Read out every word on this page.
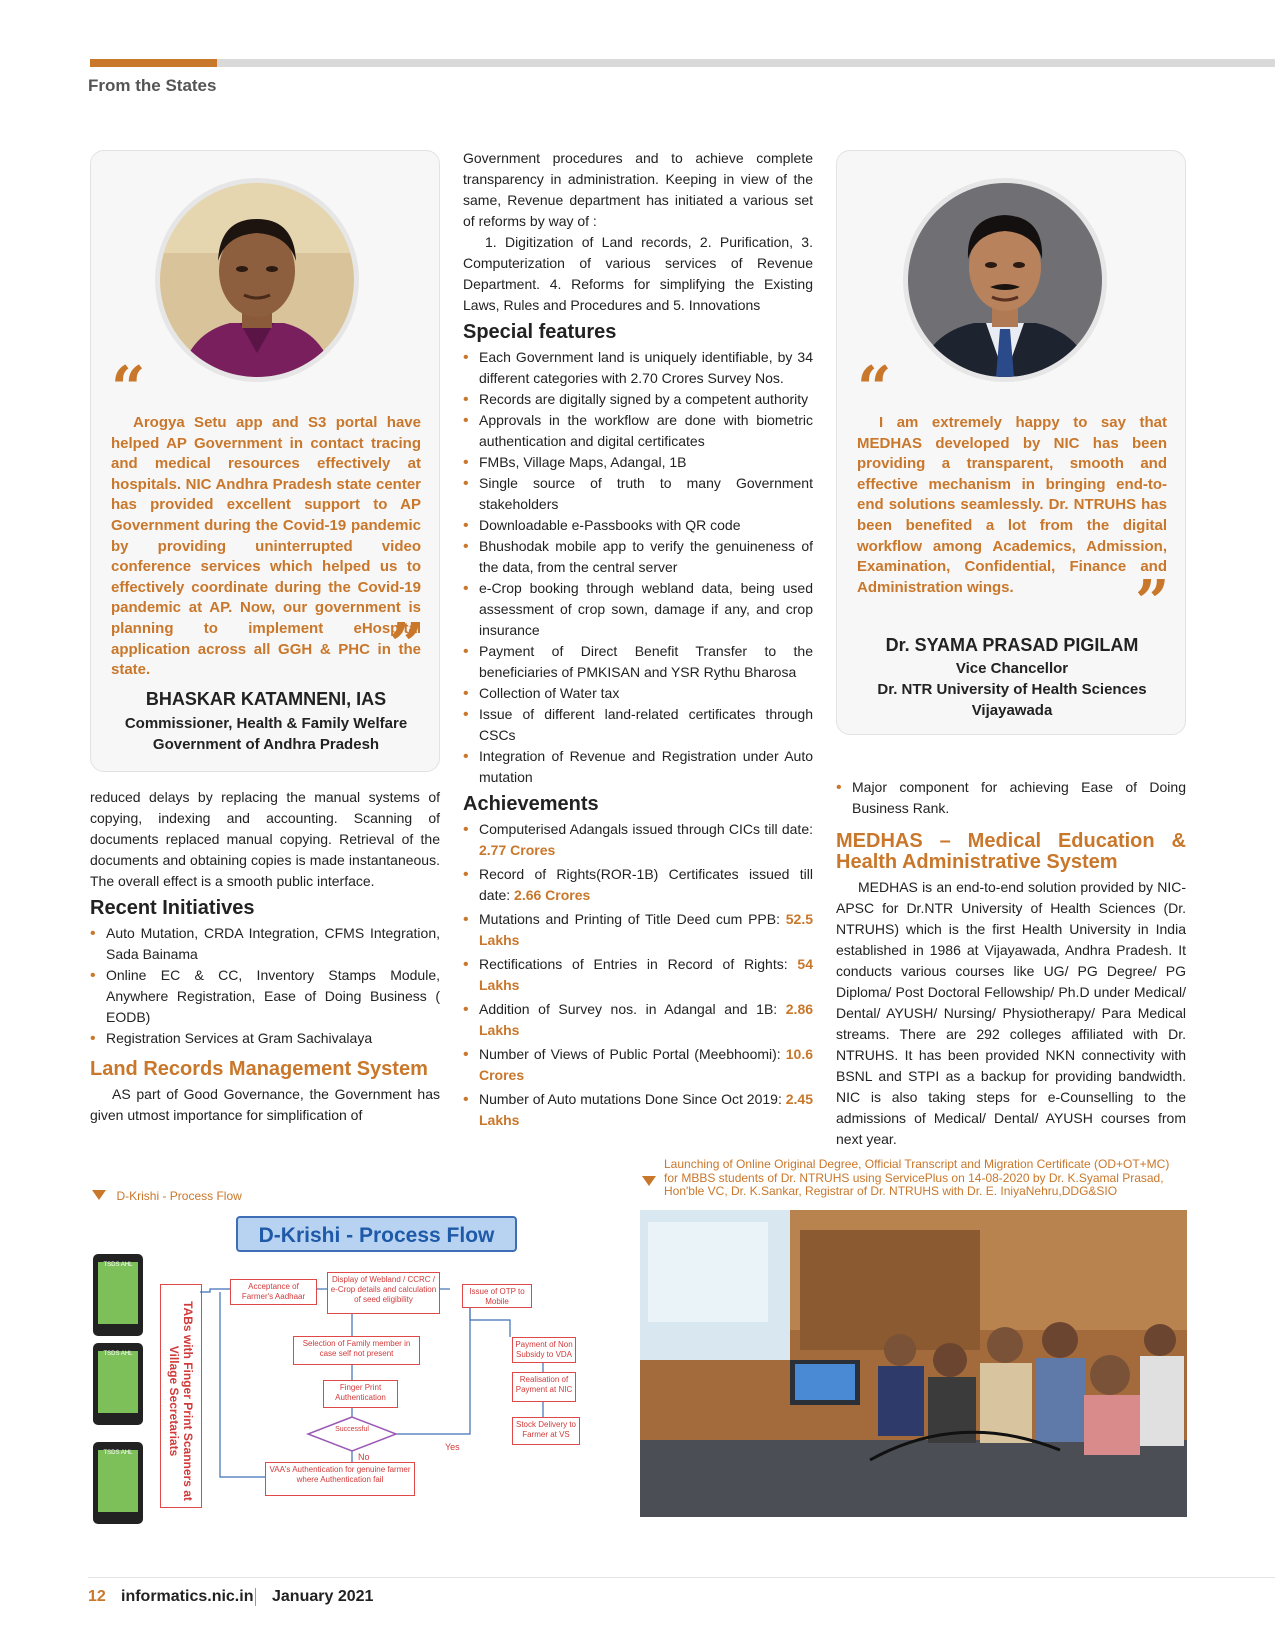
From the States
“
Arogya Setu app and S3 portal have helped AP Government in contact tracing and medical resources effectively at hospitals. NIC Andhra Pradesh state center has provided excellent support to AP Government during the Covid-19 pandemic by providing uninterrupted video conference services which helped us to effectively coordinate during the Covid-19 pandemic at AP. Now, our government is planning to implement eHospital application across all GGH & PHC in the state.	”
BHASKAR KATAMNENI, IAS
Commissioner, Health & Family Welfare
Government of Andhra Pradesh

reduced delays by replacing the manual systems of copying, indexing and accounting. Scanning of documents replaced manual copying. Retrieval of the documents and obtaining copies is made instantaneous. The overall effect is a smooth public interface.

Recent Initiatives
• Auto Mutation, CRDA Integration, CFMS Integration, Sada Bainama
• Online EC & CC, Inventory Stamps Module, Anywhere Registration, Ease of Doing Business ( EODB)
• Registration Services at Gram Sachivalaya
Land Records Management System

AS part of Good Governance, the Government has given utmost importance for simplification of

Government procedures and to achieve complete transparency in administration. Keeping in view of the same, Revenue department has initiated a various set of reforms by way of :

1. Digitization of Land records, 2. Purification, 3. Computerization of various services of Revenue Department. 4. Reforms for simplifying the Existing Laws, Rules and Procedures and 5. Innovations

Special features
• Each Government land is uniquely identifiable, by 34 different categories with 2.70 Crores Survey Nos.
• Records are digitally signed by a competent authority
• Approvals in the workflow are done with biometric authentication and digital certificates
• FMBs, Village Maps, Adangal, 1B
• Single source of truth to many Government stakeholders
• Downloadable e-Passbooks with QR code
• Bhushodak mobile app to verify the genuineness of the data, from the central server
• e-Crop booking through webland data, being used assessment of crop sown, damage if any, and crop insurance
• Payment of Direct Benefit Transfer to the beneficiaries of PMKISAN and YSR Rythu Bharosa
• Collection of Water tax
• Issue of different land-related certificates through CSCs
• Integration of Revenue and Registration under Auto mutation
Achievements
• Computerised Adangals issued through CICs till date: 2.77 Crores
• Record of Rights(ROR-1B) Certificates issued till date: 2.66 Crores
• Mutations and Printing of Title Deed cum PPB: 52.5 Lakhs
• Rectifications of Entries in Record of Rights: 54 Lakhs
• Addition of Survey nos. in Adangal and 1B: 2.86 Lakhs
• Number of Views of Public Portal (Meebhoomi): 10.6 Crores
• Number of Auto mutations Done Since Oct 2019: 2.45 Lakhs
“
I am extremely happy to say that MEDHAS developed by NIC has been providing a transparent, smooth and effective mechanism in bringing end-to-end solutions seamlessly. Dr. NTRUHS has been benefited a lot from the digital workflow among Academics, Admission, Examination, Confidential, Finance and Administration wings.	”
Dr. SYAMA PRASAD PIGILAM
Vice Chancellor
Dr. NTR University of Health Sciences
Vijayawada
• Major component for achieving Ease of Doing Business Rank.
MEDHAS – Medical Education & Health Administrative System

MEDHAS is an end-to-end solution provided by NIC-APSC for Dr.NTR University of Health Sciences (Dr. NTRUHS) which is the first Health University in India established in 1986 at Vijayawada, Andhra Pradesh. It conducts various courses like UG/ PG Degree/ PG Diploma/ Post Doctoral Fellowship/ Ph.D under Medical/ Dental/ AYUSH/ Nursing/ Physiotherapy/ Para Medical streams. There are 292 colleges affiliated with Dr. NTRUHS. It has been provided NKN connectivity with BSNL and STPI as a backup for providing bandwidth. NIC is also taking steps for e-Counselling to the admissions of Medical/ Dental/ AYUSH courses from next year.

D-Krishi - Process Flow
Launching of Online Original Degree, Official Transcript and Migration Certificate (OD+OT+MC) for MBBS students of Dr. NTRUHS using ServicePlus on 14-08-2020 by Dr. K.Syamal Prasad, Hon'ble VC, Dr. K.Sankar, Registrar of Dr. NTRUHS with Dr. E. IniyaNehru,DDG&SIO
TSDS AHL
TSDS AHL
TSDS AHL	TABs with Finger Print Scanners at Village Secretariats
D-Krishi - Process Flow
Acceptance of Farmer's Aadhaar
Display of Webland / CCRC / e-Crop details and calculation of seed eligibility
Issue of OTP to Mobile
Selection of Family member in case self not present
Finger Print Authentication
Payment of Non Subsidy to VDA
Realisation of Payment at NIC
Stock Delivery to Farmer at VS
VAA's Authentication for genuine farmer where Authentication fail
Successful
Yes
No
12 informatics.nic.in January 2021
